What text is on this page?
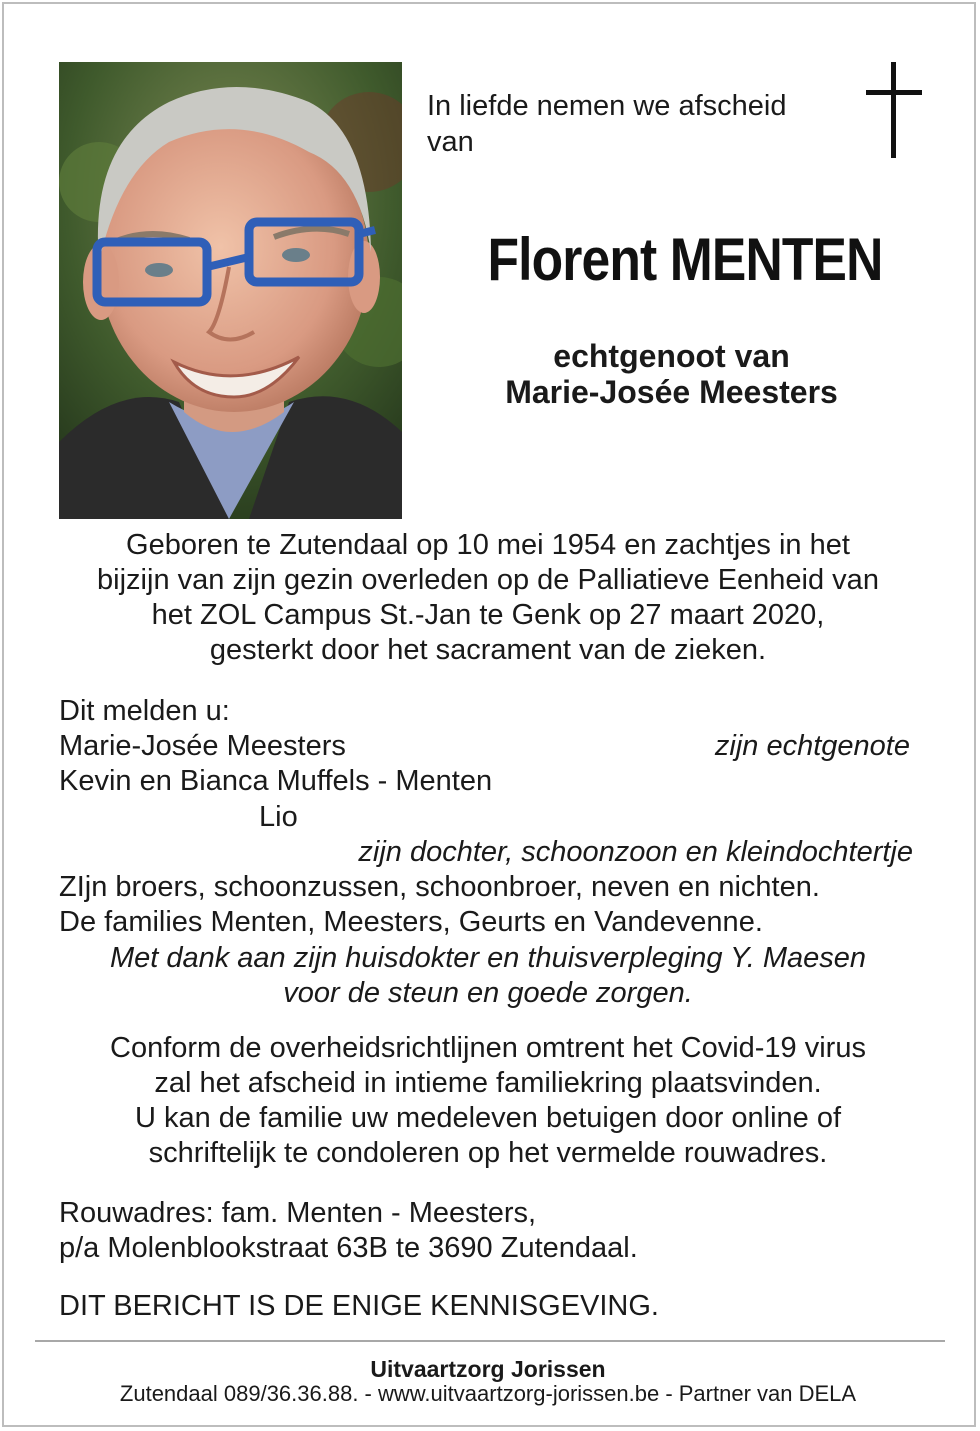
In liefde nemen we afscheid van
Florent MENTEN
echtgenoot van
Marie-Josée Meesters
Geboren te Zutendaal op 10 mei 1954 en zachtjes in het
bijzijn van zijn gezin overleden op de Palliatieve Eenheid van
het ZOL Campus St.-Jan te Genk op 27 maart 2020,
gesterkt door het sacrament van de zieken.
Dit melden u:
Marie-Josée Meesters	zijn echtgenote
Kevin en Bianca Muffels - Menten
Lio
zijn dochter, schoonzoon en kleindochtertje
ZIjn broers, schoonzussen, schoonbroer, neven en nichten.
De families Menten, Meesters, Geurts en Vandevenne.
Met dank aan zijn huisdokter en thuisverpleging Y. Maesen
voor de steun en goede zorgen.
Conform de overheidsrichtlijnen omtrent het Covid-19 virus
zal het afscheid in intieme familiekring plaatsvinden.
U kan de familie uw medeleven betuigen door online of
schriftelijk te condoleren op het vermelde rouwadres.
Rouwadres: fam. Menten - Meesters,
p/a Molenblookstraat 63B te 3690 Zutendaal.
DIT BERICHT IS DE ENIGE KENNISGEVING.
Uitvaartzorg Jorissen
Zutendaal 089/36.36.88. - www.uitvaartzorg-jorissen.be - Partner van DELA
